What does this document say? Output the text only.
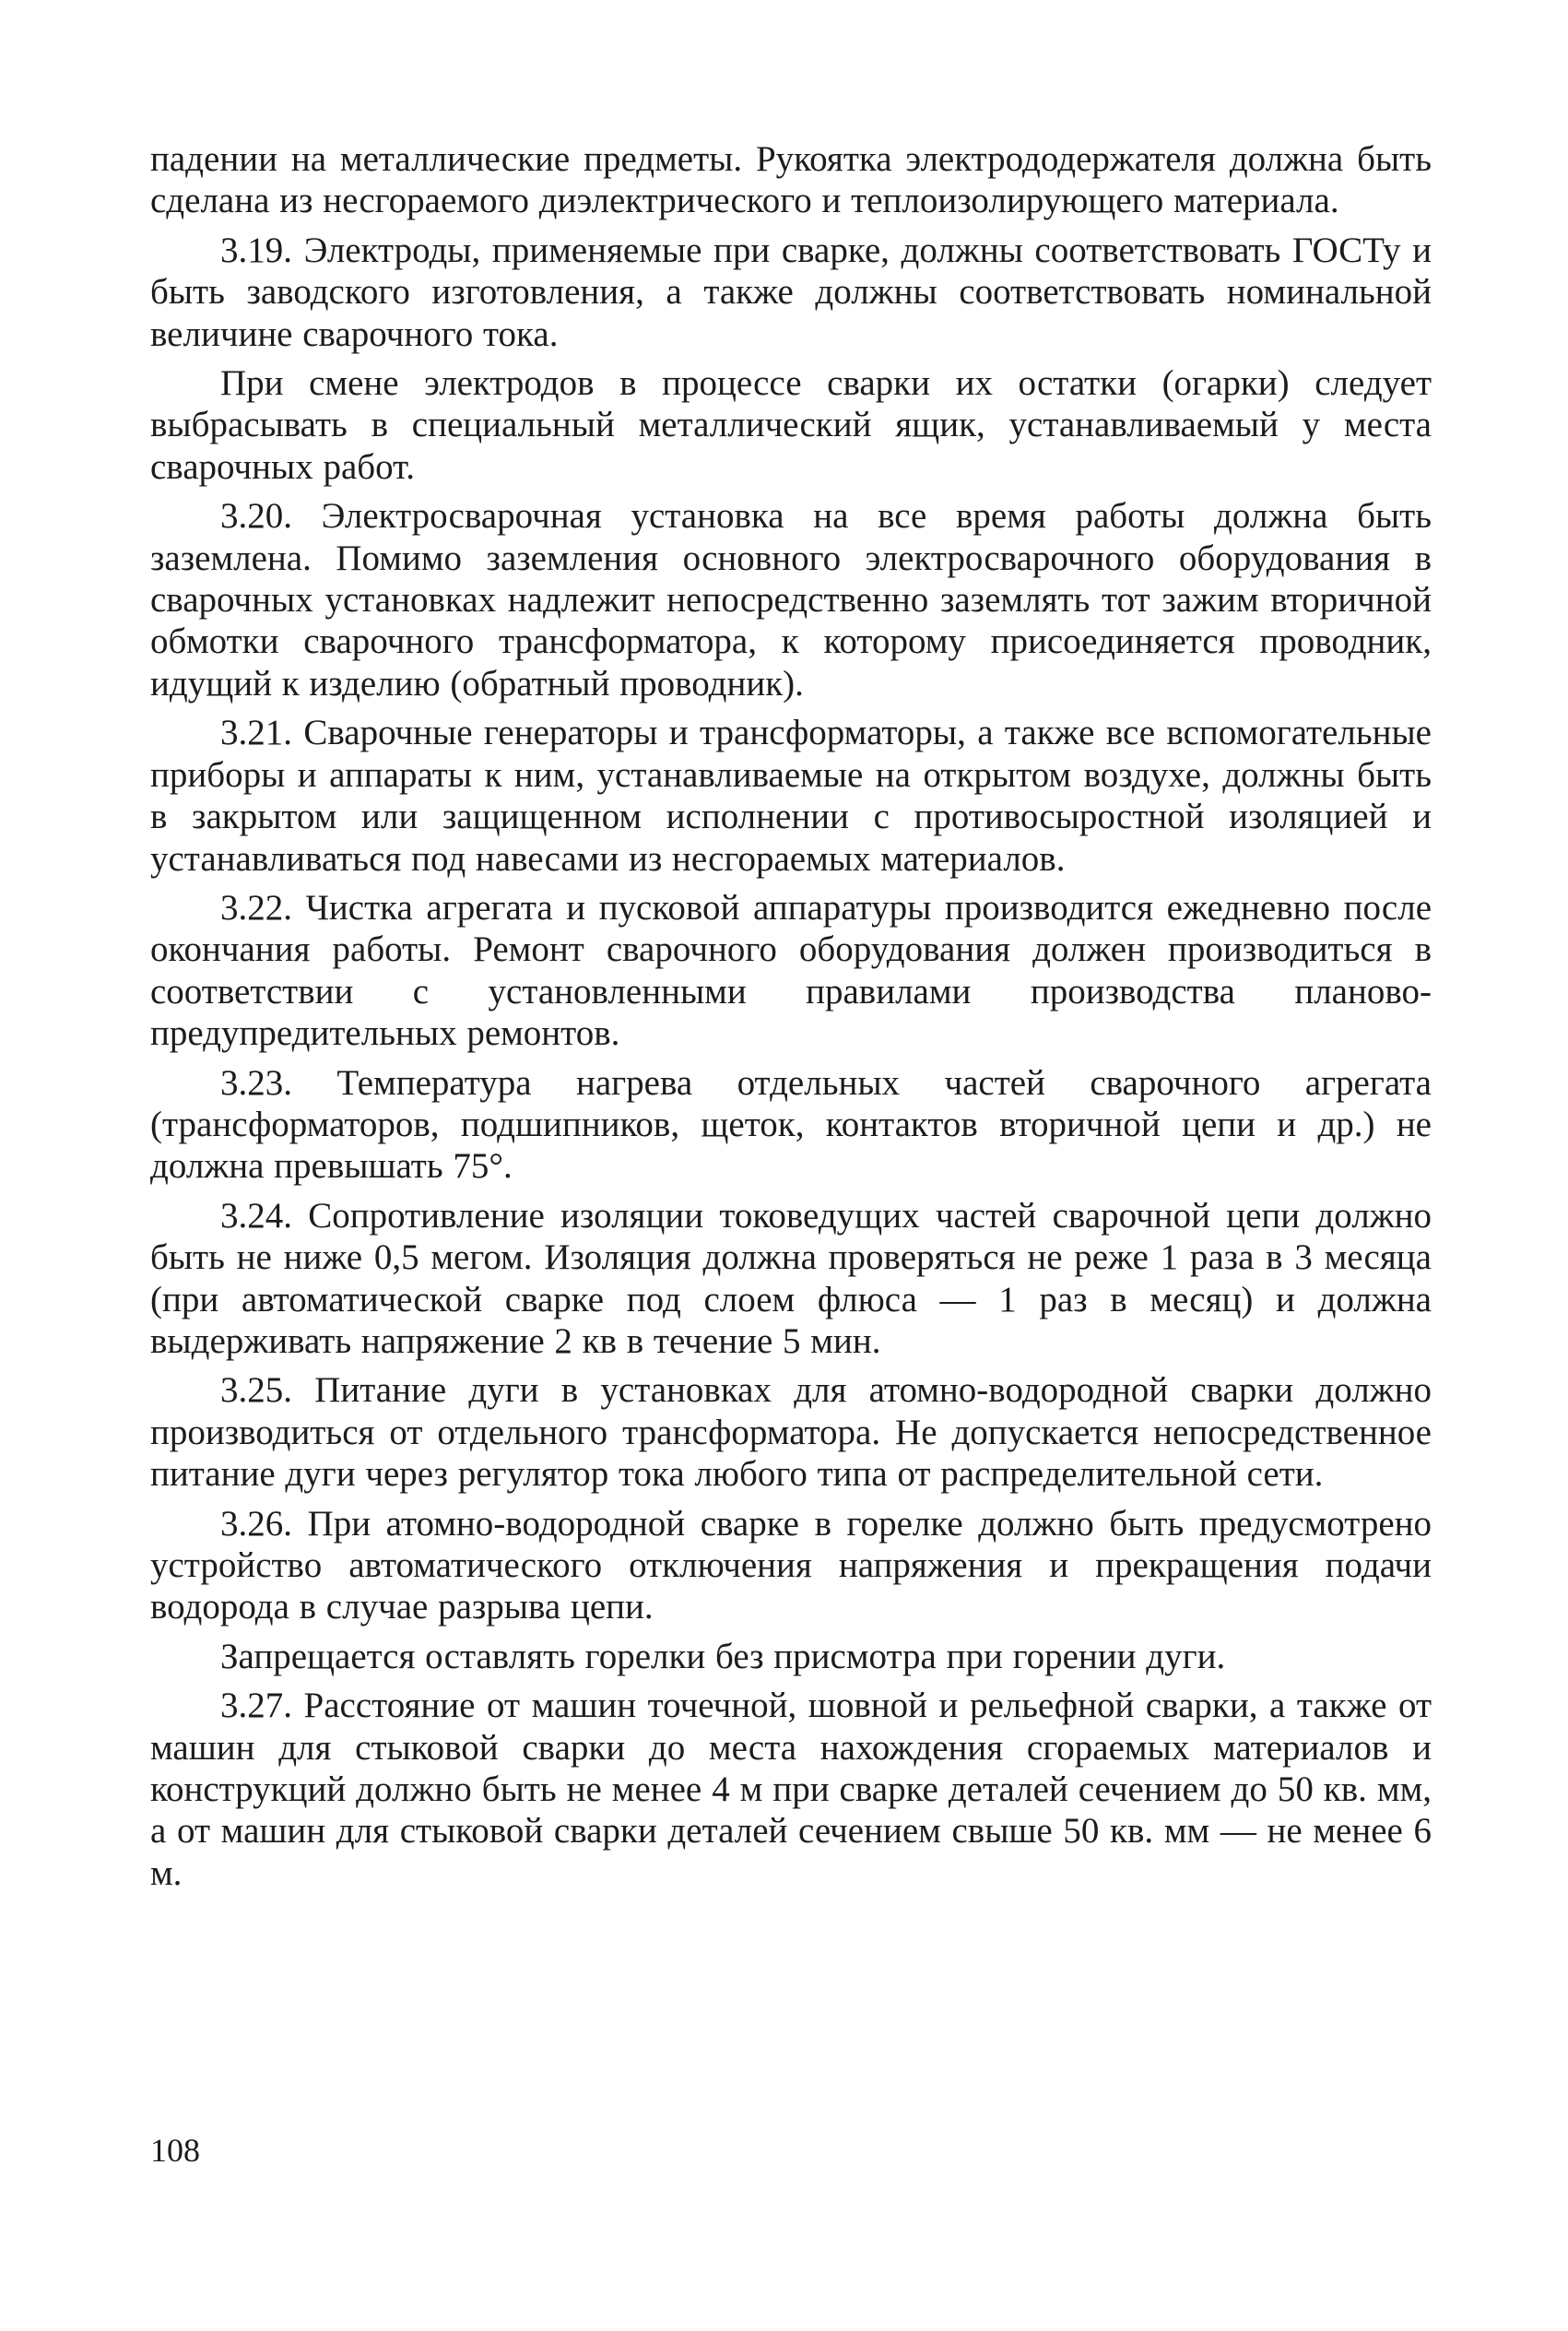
падении на металлические предметы. Рукоятка электрододержателя должна быть сделана из несгораемого диэлектрического и теплоизолирующего материала.

3.19. Электроды, применяемые при сварке, должны соответствовать ГОСТу и быть заводского изготовления, а также должны соответствовать номинальной величине сварочного тока.

При смене электродов в процессе сварки их остатки (огарки) следует выбрасывать в специальный металлический ящик, устанавливаемый у места сварочных работ.

3.20. Электросварочная установка на все время работы должна быть заземлена. Помимо заземления основного электросварочного оборудования в сварочных установках надлежит непосредственно заземлять тот зажим вторичной обмотки сварочного трансформатора, к которому присоединяется проводник, идущий к изделию (обратный проводник).

3.21. Сварочные генераторы и трансформаторы, а также все вспомогательные приборы и аппараты к ним, устанавливаемые на открытом воздухе, должны быть в закрытом или защищенном исполнении с противосыростной изоляцией и устанавливаться под навесами из несгораемых материалов.

3.22. Чистка агрегата и пусковой аппаратуры производится ежедневно после окончания работы. Ремонт сварочного оборудования должен производиться в соответствии с установленными правилами производства планово-предупредительных ремонтов.

3.23. Температура нагрева отдельных частей сварочного агрегата (трансформаторов, подшипников, щеток, контактов вторичной цепи и др.) не должна превышать 75°.

3.24. Сопротивление изоляции токоведущих частей сварочной цепи должно быть не ниже 0,5 мегом. Изоляция должна проверяться не реже 1 раза в 3 месяца (при автоматической сварке под слоем флюса — 1 раз в месяц) и должна выдерживать напряжение 2 кв в течение 5 мин.

3.25. Питание дуги в установках для атомно-водородной сварки должно производиться от отдельного трансформатора. Не допускается непосредственное питание дуги через регулятор тока любого типа от распределительной сети.

3.26. При атомно-водородной сварке в горелке должно быть предусмотрено устройство автоматического отключения напряжения и прекращения подачи водорода в случае разрыва цепи.

Запрещается оставлять горелки без присмотра при горении дуги.

3.27. Расстояние от машин точечной, шовной и рельефной сварки, а также от машин для стыковой сварки до места нахождения сгораемых материалов и конструкций должно быть не менее 4 м при сварке деталей сечением до 50 кв. мм, а от машин для стыковой сварки деталей сечением свыше 50 кв. мм — не менее 6 м.

108
